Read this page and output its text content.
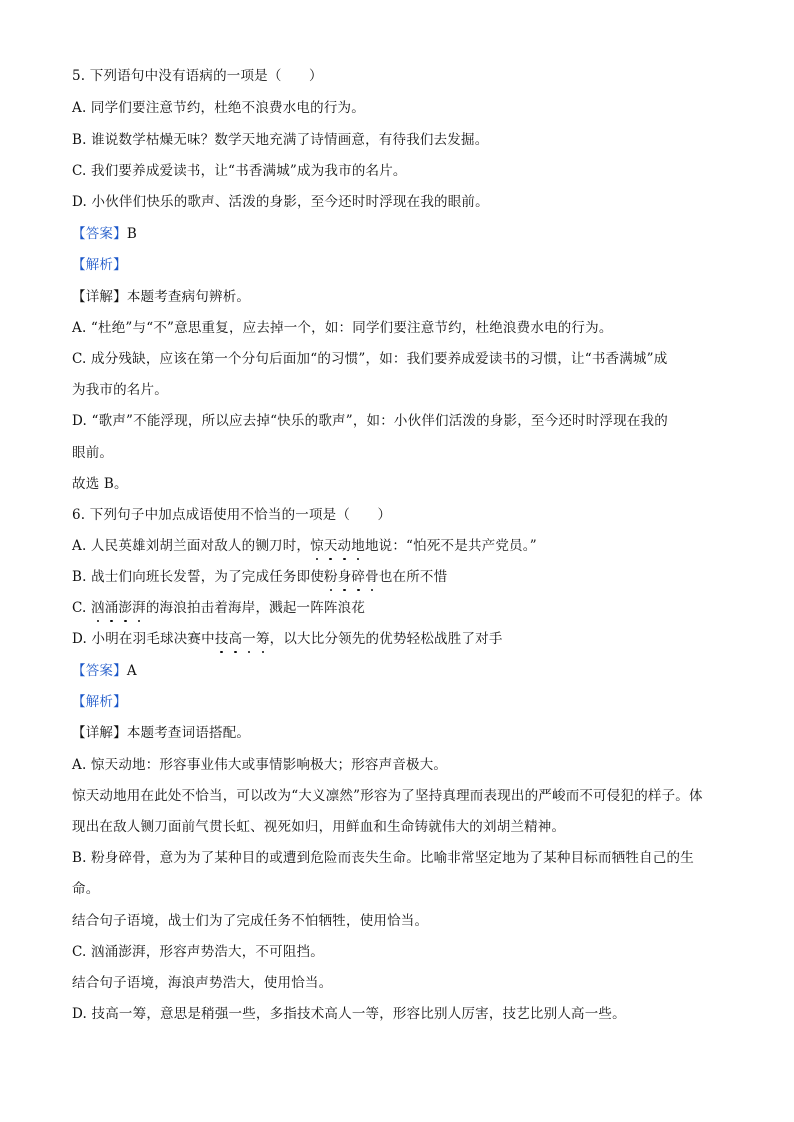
5. 下列语句中没有语病的一项是（　　）
A. 同学们要注意节约，杜绝不浪费水电的行为。
B. 谁说数学枯燥无味？数学天地充满了诗情画意，有待我们去发掘。
C. 我们要养成爱读书，让“书香满城”成为我市的名片。
D. 小伙伴们快乐的歌声、活泼的身影，至今还时时浮现在我的眼前。
【答案】B
【解析】
【详解】本题考查病句辨析。
A. “杜绝”与“不”意思重复，应去掉一个，如：同学们要注意节约，杜绝浪费水电的行为。
C. 成分残缺，应该在第一个分句后面加“的习惯”，如：我们要养成爱读书的习惯，让“书香满城”成
为我市的名片。
D. “歌声”不能浮现，所以应去掉“快乐的歌声”，如：小伙伴们活泼的身影，至今还时时浮现在我的
眼前。
故选 B。
6. 下列句子中加点成语使用不恰当的一项是（　　）
A. 人民英雄刘胡兰面对敌人的铡刀时，惊天动地地说：“怕死不是共产党员。”
B. 战士们向班长发誓，为了完成任务即使粉身碎骨也在所不惜
C. 汹涌澎湃的海浪拍击着海岸，溅起一阵阵浪花
D. 小明在羽毛球决赛中技高一筹，以大比分领先的优势轻松战胜了对手
【答案】A
【解析】
【详解】本题考查词语搭配。
A. 惊天动地：形容事业伟大或事情影响极大；形容声音极大。
惊天动地用在此处不恰当，可以改为“大义凛然”形容为了坚持真理而表现出的严峻而不可侵犯的样子。体
现出在敌人铡刀面前气贯长虹、视死如归，用鲜血和生命铸就伟大的刘胡兰精神。
B. 粉身碎骨，意为为了某种目的或遭到危险而丧失生命。比喻非常坚定地为了某种目标而牺牲自己的生
命。
结合句子语境，战士们为了完成任务不怕牺牲，使用恰当。
C. 汹涌澎湃，形容声势浩大，不可阻挡。
结合句子语境，海浪声势浩大，使用恰当。
D. 技高一筹，意思是稍强一些，多指技术高人一等，形容比别人厉害，技艺比别人高一些。
